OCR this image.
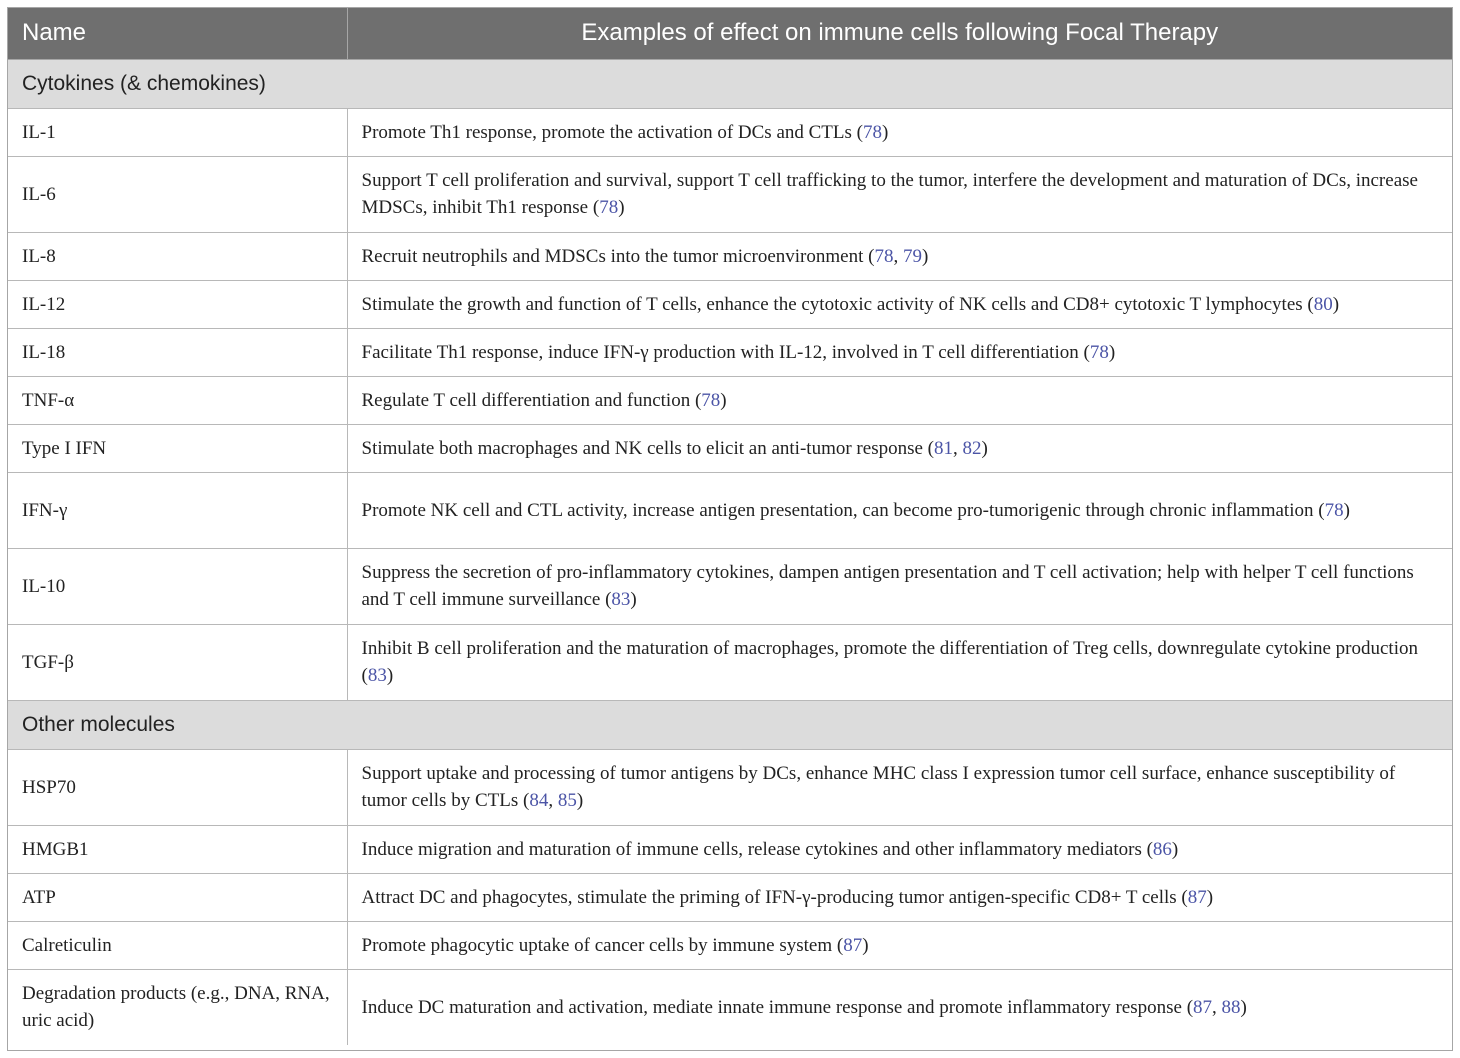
Name	Examples of effect on immune cells following Focal Therapy
Cytokines (& chemokines)	
IL-1	Promote Th1 response, promote the activation of DCs and CTLs (78)
IL-6	Support T cell proliferation and survival, support T cell trafficking to the tumor, interfere the development and maturation of DCs, increase MDSCs, inhibit Th1 response (78)
IL-8	Recruit neutrophils and MDSCs into the tumor microenvironment (78, 79)
IL-12	Stimulate the growth and function of T cells, enhance the cytotoxic activity of NK cells and CD8+ cytotoxic T lymphocytes (80)
IL-18	Facilitate Th1 response, induce IFN-γ production with IL-12, involved in T cell differentiation (78)
TNF-α	Regulate T cell differentiation and function (78)
Type I IFN	Stimulate both macrophages and NK cells to elicit an anti-tumor response (81, 82)
IFN-γ	Promote NK cell and CTL activity, increase antigen presentation, can become pro-tumorigenic through chronic inflammation (78)
IL-10	Suppress the secretion of pro-inflammatory cytokines, dampen antigen presentation and T cell activation; help with helper T cell functions and T cell immune surveillance (83)
TGF-β	Inhibit B cell proliferation and the maturation of macrophages, promote the differentiation of Treg cells, downregulate cytokine production (83)
Other molecules	
HSP70	Support uptake and processing of tumor antigens by DCs, enhance MHC class I expression tumor cell surface, enhance susceptibility of tumor cells by CTLs (84, 85)
HMGB1	Induce migration and maturation of immune cells, release cytokines and other inflammatory mediators (86)
ATP	Attract DC and phagocytes, stimulate the priming of IFN-γ-producing tumor antigen-specific CD8+ T cells (87)
Calreticulin	Promote phagocytic uptake of cancer cells by immune system (87)
Degradation products (e.g., DNA, RNA, uric acid)	Induce DC maturation and activation, mediate innate immune response and promote inflammatory response (87, 88)
